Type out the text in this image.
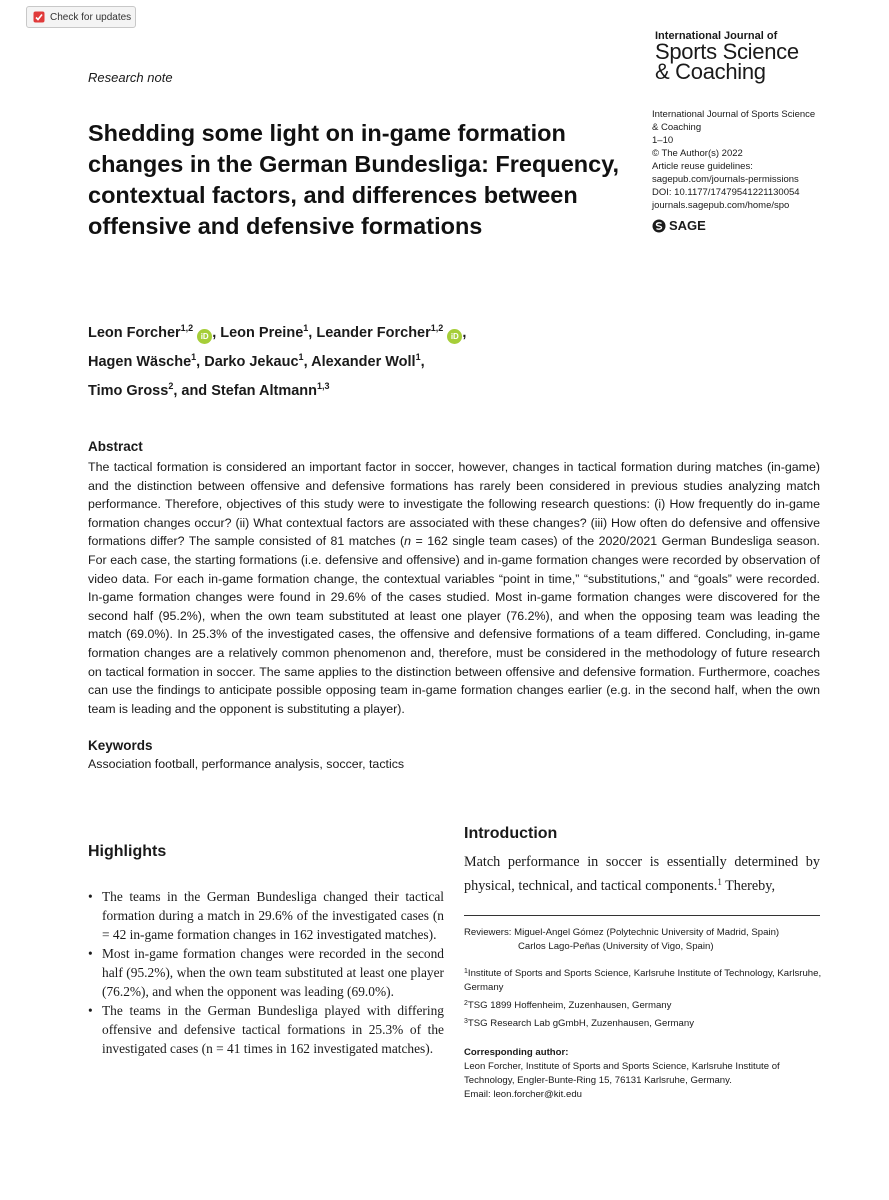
Check for updates
International Journal of
Sports Science
& Coaching
Research note
Shedding some light on in-game formation changes in the German Bundesliga: Frequency, contextual factors, and differences between offensive and defensive formations
International Journal of Sports Science
& Coaching
1–10
© The Author(s) 2022
Article reuse guidelines:
sagepub.com/journals-permissions
DOI: 10.1177/17479541221130054
journals.sagepub.com/home/spo
SAGE
Leon Forcher$^{1,2}$ iD , Leon Preine$^1$, Leander Forcher$^{1,2}$ iD ,
Hagen Wäsche$^1$, Darko Jekauc$^1$, Alexander Woll$^1$,
Timo Gross$^2$, and Stefan Altmann$^{1,3}$
Abstract
The tactical formation is considered an important factor in soccer, however, changes in tactical formation during matches (in-game) and the distinction between offensive and defensive formations has rarely been considered in previous studies analyzing match performance. Therefore, objectives of this study were to investigate the following research questions: (i) How frequently do in-game formation changes occur? (ii) What contextual factors are associated with these changes? (iii) How often do defensive and offensive formations differ? The sample consisted of 81 matches (n = 162 single team cases) of the 2020/2021 German Bundesliga season. For each case, the starting formations (i.e. defensive and offensive) and in-game formation changes were recorded by observation of video data. For each in-game formation change, the contextual variables “point in time,” “substitutions,” and “goals” were recorded. In-game formation changes were found in 29.6% of the cases studied. Most in-game formation changes were discovered for the second half (95.2%), when the own team substituted at least one player (76.2%), and when the opposing team was leading the match (69.0%). In 25.3% of the investigated cases, the offensive and defensive formations of a team differed. Concluding, in-game formation changes are a relatively common phenomenon and, therefore, must be considered in the methodology of future research on tactical formation in soccer. The same applies to the distinction between offensive and defensive formation. Furthermore, coaches can use the findings to anticipate possible opposing team in-game formation changes earlier (e.g. in the second half, when the own team is leading and the opponent is substituting a player).
Keywords
Association football, performance analysis, soccer, tactics
Highlights
• The teams in the German Bundesliga changed their tactical formation during a match in 29.6% of the investigated cases (n = 42 in-game formation changes in 162 investigated matches).
• Most in-game formation changes were recorded in the second half (95.2%), when the own team substituted at least one player (76.2%), and when the opponent was leading (69.0%).
• The teams in the German Bundesliga played with differing offensive and defensive tactical formations in 25.3% of the investigated cases (n = 41 times in 162 investigated matches).
Introduction
Match performance in soccer is essentially determined by physical, technical, and tactical components.$^1$ Thereby,
Reviewers: Miguel-Angel Gómez (Polytechnic University of Madrid, Spain)
Carlos Lago-Peñas (University of Vigo, Spain)
$^1$Institute of Sports and Sports Science, Karlsruhe Institute of Technology, Karlsruhe, Germany
$^2$TSG 1899 Hoffenheim, Zuzenhausen, Germany
$^3$TSG Research Lab gGmbH, Zuzenhausen, Germany
Corresponding author:
Leon Forcher, Institute of Sports and Sports Science, Karlsruhe Institute of Technology, Engler-Bunte-Ring 15, 76131 Karlsruhe, Germany.
Email: leon.forcher@kit.edu
